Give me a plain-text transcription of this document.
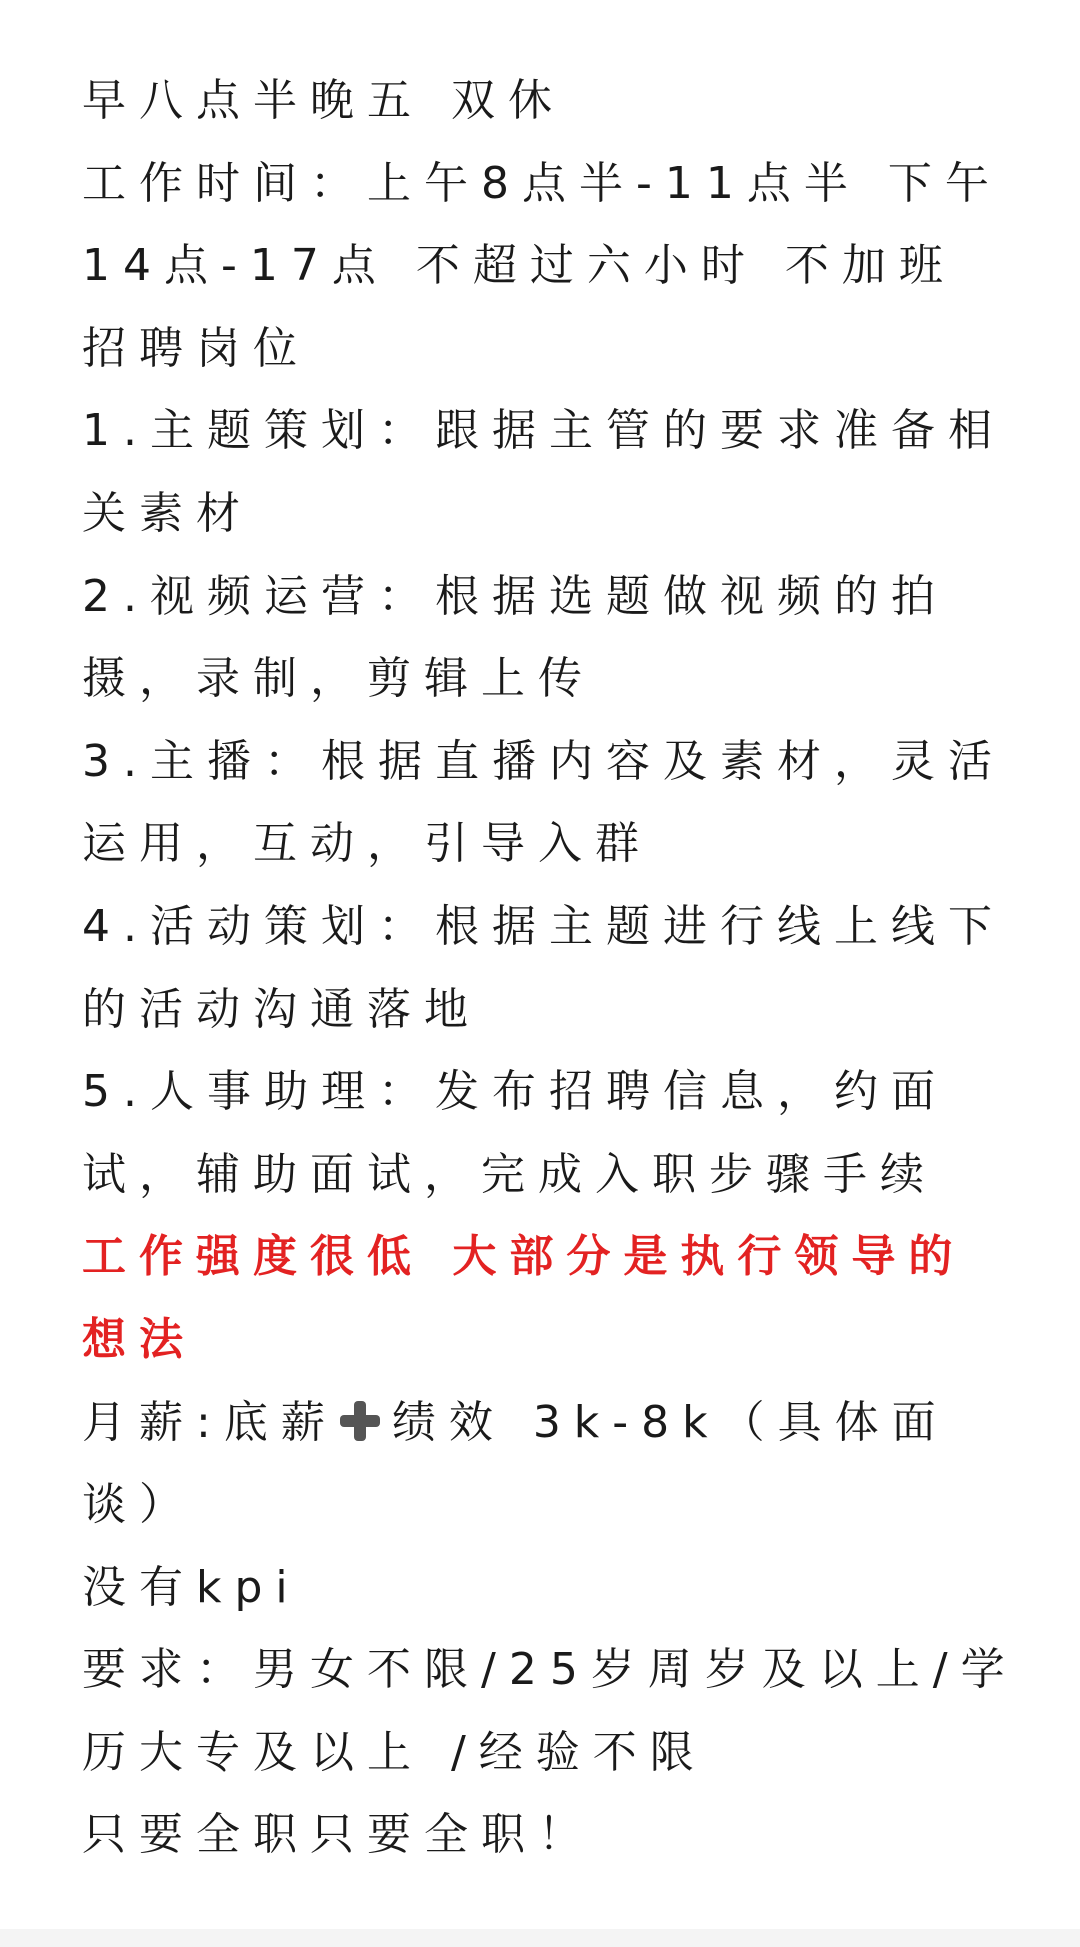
早八点半晚五 双休
工作时间：上午8点半-11点半 下午
14点-17点 不超过六小时 不加班
招聘岗位
1.主题策划：跟据主管的要求准备相
关素材
2.视频运营：根据选题做视频的拍
摄，录制，剪辑上传
3.主播：根据直播内容及素材，灵活
运用，互动，引导入群
4.活动策划：根据主题进行线上线下
的活动沟通落地
5.人事助理：发布招聘信息，约面
试，辅助面试，完成入职步骤手续
工作强度很低 大部分是执行领导的
想法
月薪:底薪 绩效 3k-8k（具体面
谈）
没有kpi
要求：男女不限/25岁周岁及以上/学
历大专及以上 /经验不限
只要全职只要全职！
